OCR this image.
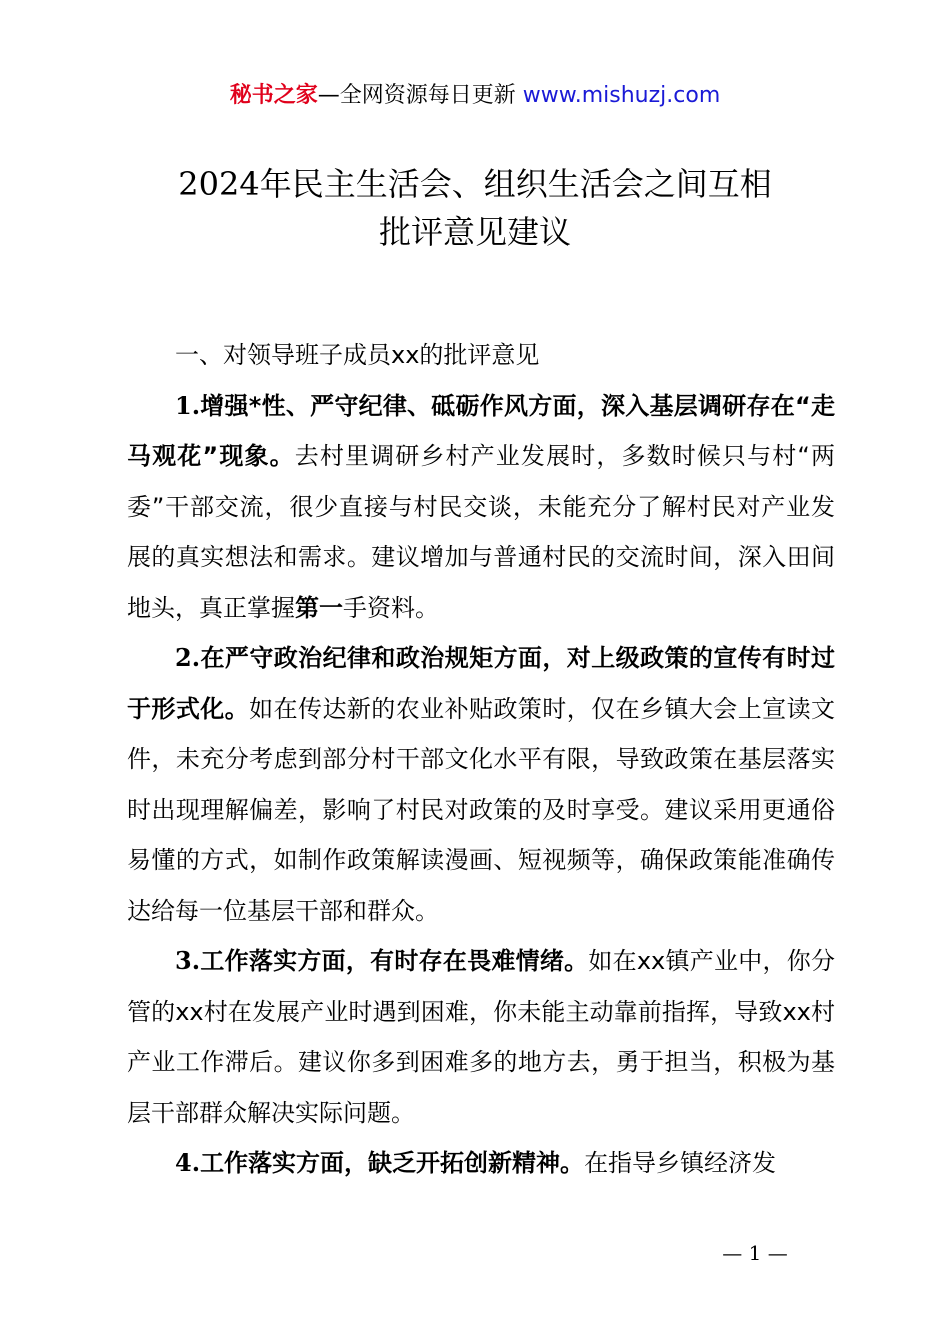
秘书之家—全网资源每日更新 www.mishuzj.com
2024年民主生活会、组织生活会之间互相
批评意见建议

一、对领导班子成员xx的批评意见

1.增强*性、严守纪律、砥砺作风方面，深入基层调研存在“走马观花”现象。去村里调研乡村产业发展时，多数时候只与村“两委”干部交流，很少直接与村民交谈，未能充分了解村民对产业发展的真实想法和需求。建议增加与普通村民的交流时间，深入田间地头，真正掌握第一手资料。

2.在严守政治纪律和政治规矩方面，对上级政策的宣传有时过于形式化。如在传达新的农业补贴政策时，仅在乡镇大会上宣读文件，未充分考虑到部分村干部文化水平有限，导致政策在基层落实时出现理解偏差，影响了村民对政策的及时享受。建议采用更通俗易懂的方式，如制作政策解读漫画、短视频等，确保政策能准确传达给每一位基层干部和群众。

3.工作落实方面，有时存在畏难情绪。如在xx镇产业中，你分管的xx村在发展产业时遇到困难，你未能主动靠前指挥，导致xx村产业工作滞后。建议你多到困难多的地方去，勇于担当，积极为基层干部群众解决实际问题。

4.工作落实方面，缺乏开拓创新精神。在指导乡镇经济发

— 1 —
